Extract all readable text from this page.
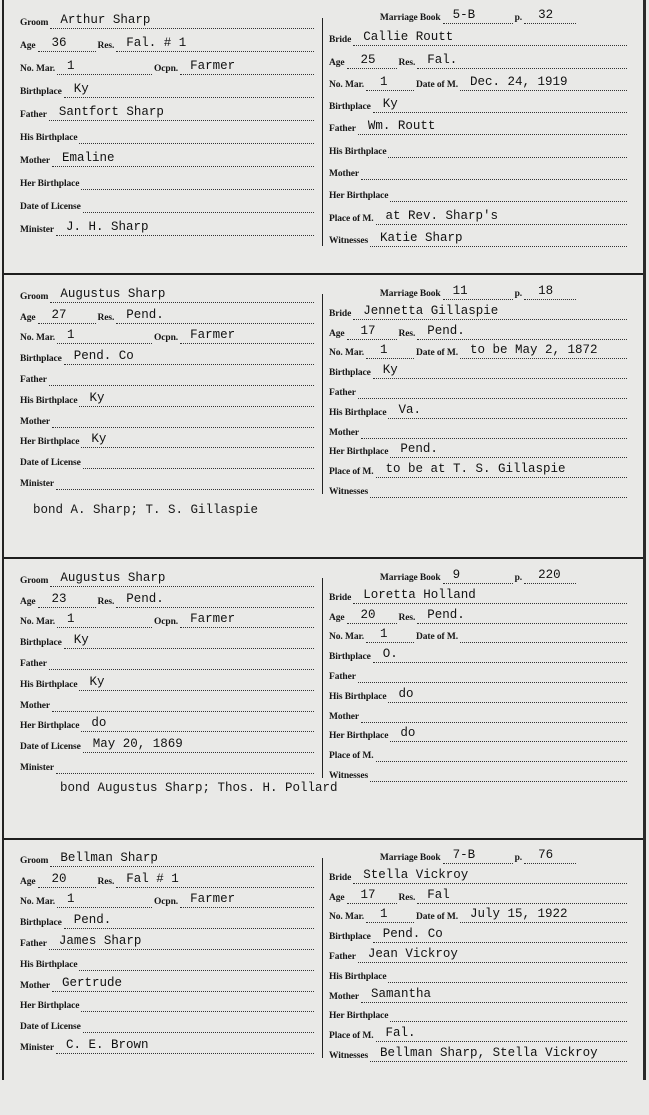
Groom Arthur Sharp
Age 36	Res. Fal. # 1
No. Mar. 1	Ocpn. Farmer
Birthplace Ky
Father Santfort Sharp
His Birthplace
Mother Emaline
Her Birthplace
Date of License
Minister J. H. Sharp
Marriage Book 5-B	p. 32
Bride Callie Routt
Age 25 Res. Fal.
No. Mar. 1	Date of M. Dec. 24, 1919
Birthplace Ky
Father Wm. Routt
His Birthplace
Mother
Her Birthplace
Place of M. at Rev. Sharp's
Witnesses Katie Sharp
Groom Augustus Sharp
Age 27	Res. Pend.
No. Mar. 1	Ocpn. Farmer
Birthplace Pend. Co
Father
His Birthplace Ky
Mother
Her Birthplace Ky
Date of License
Minister
Marriage Book 11	p. 18
Bride Jennetta Gillaspie
Age 17 Res. Pend.
No. Mar. 1	Date of M. to be May 2, 1872
Birthplace Ky
Father
His Birthplace Va.
Mother
Her Birthplace Pend.
Place of M. to be at T. S. Gillaspie
Witnesses
Groom Augustus Sharp
Age 23	Res. Pend.
No. Mar. 1	Ocpn. Farmer
Birthplace Ky
Father
His Birthplace Ky
Mother
Her Birthplace do
Date of License May 20, 1869
Minister
Marriage Book 9	p. 220
Bride Loretta Holland
Age 20 Res. Pend.
No. Mar. 1	Date of M.
Birthplace O.
Father
His Birthplace do
Mother
Her Birthplace do
Place of M.
Witnesses
Groom Bellman Sharp
Age 20	Res. Fal # 1
No. Mar. 1	Ocpn. Farmer
Birthplace Pend.
Father James Sharp
His Birthplace
Mother Gertrude
Her Birthplace
Date of License
Minister C. E. Brown
Marriage Book 7-B	p. 76
Bride Stella Vickroy
Age 17 Res. Fal
No. Mar. 1	Date of M. July 15, 1922
Birthplace Pend. Co
Father Jean Vickroy
His Birthplace
Mother Samantha
Her Birthplace
Place of M. Fal.
Witnesses Bellman Sharp, Stella Vickroy
bond A. Sharp; T. S. Gillaspie
bond Augustus Sharp; Thos. H. Pollard
